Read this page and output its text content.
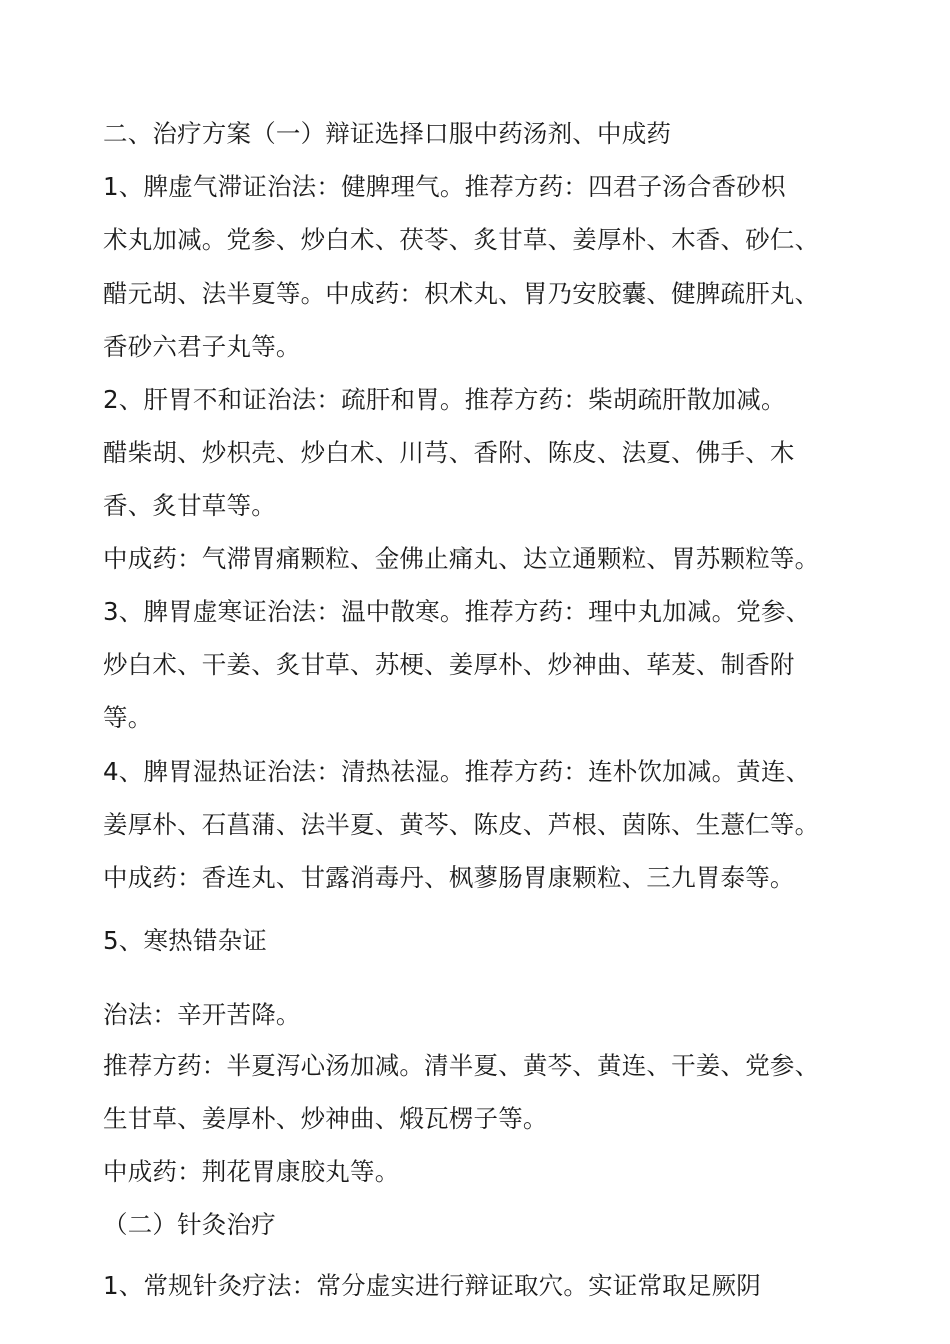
二、治疗方案（一）辩证选择口服中药汤剂、中成药
1、脾虚气滞证治法：健脾理气。推荐方药：四君子汤合香砂枳
术丸加减。党参、炒白术、茯苓、炙甘草、姜厚朴、木香、砂仁、
醋元胡、法半夏等。中成药：枳术丸、胃乃安胶囊、健脾疏肝丸、
香砂六君子丸等。
2、肝胃不和证治法：疏肝和胃。推荐方药：柴胡疏肝散加减。
醋柴胡、炒枳壳、炒白术、川芎、香附、陈皮、法夏、佛手、木
香、炙甘草等。
中成药：气滞胃痛颗粒、金佛止痛丸、达立通颗粒、胃苏颗粒等。
3、脾胃虚寒证治法：温中散寒。推荐方药：理中丸加减。党参、
炒白术、干姜、炙甘草、苏梗、姜厚朴、炒神曲、荜茇、制香附
等。
4、脾胃湿热证治法：清热祛湿。推荐方药：连朴饮加减。黄连、
姜厚朴、石菖蒲、法半夏、黄芩、陈皮、芦根、茵陈、生薏仁等。
中成药：香连丸、甘露消毒丹、枫蓼肠胃康颗粒、三九胃泰等。
5、寒热错杂证
治法：辛开苦降。
推荐方药：半夏泻心汤加减。清半夏、黄芩、黄连、干姜、党参、
生甘草、姜厚朴、炒神曲、煅瓦楞子等。
中成药：荆花胃康胶丸等。
（二）针灸治疗
1、常规针灸疗法：常分虚实进行辩证取穴。实证常取足厥阴
